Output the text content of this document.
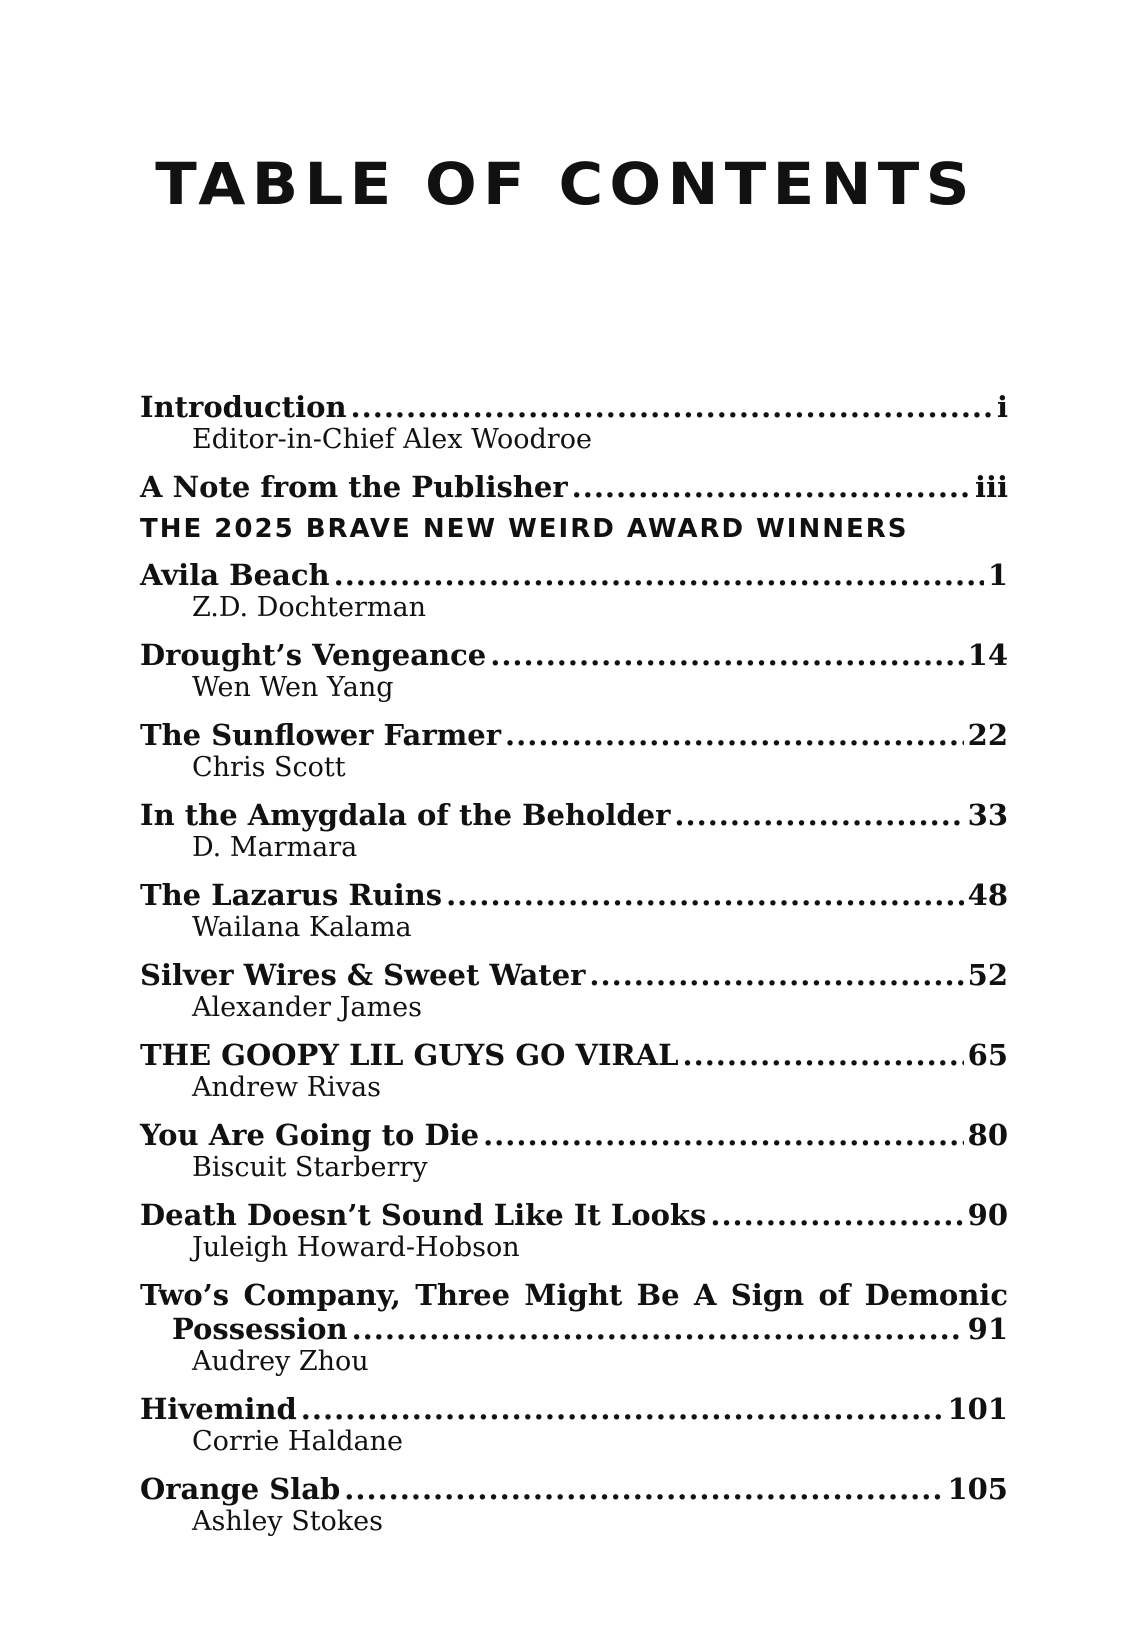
TABLE OF CONTENTS
Introduction .....	i
Editor-in-Chief Alex Woodroe
A Note from the Publisher .....	iii
THE 2025 BRAVE NEW WEIRD AWARD WINNERS
Avila Beach .....	1
Z.D. Dochterman
Drought’s Vengeance .....	14
Wen Wen Yang
The Sunflower Farmer .....	22
Chris Scott
In the Amygdala of the Beholder .....	33
D. Marmara
The Lazarus Ruins .....	48
Wailana Kalama
Silver Wires & Sweet Water .....	52
Alexander James
THE GOOPY LIL GUYS GO VIRAL .....	65
Andrew Rivas
You Are Going to Die .....	80
Biscuit Starberry
Death Doesn’t Sound Like It Looks .....	90
Juleigh Howard-Hobson
Two’s Company, Three Might Be A Sign of Demonic
Possession .....	91
Audrey Zhou
Hivemind .....	101
Corrie Haldane
Orange Slab .....	105
Ashley Stokes
